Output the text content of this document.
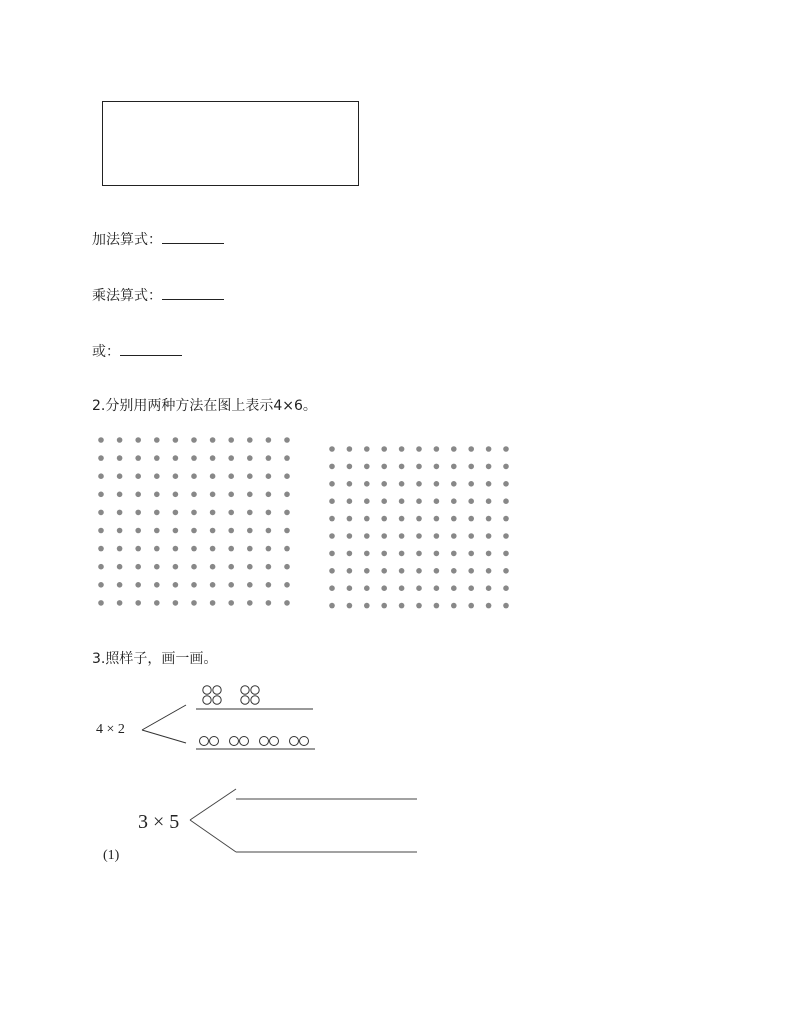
加法算式：
乘法算式：
或：
2.分别用两种方法在图上表示4×6。
3.照样子，画一画。
4 × 2
3 × 5
(1)
